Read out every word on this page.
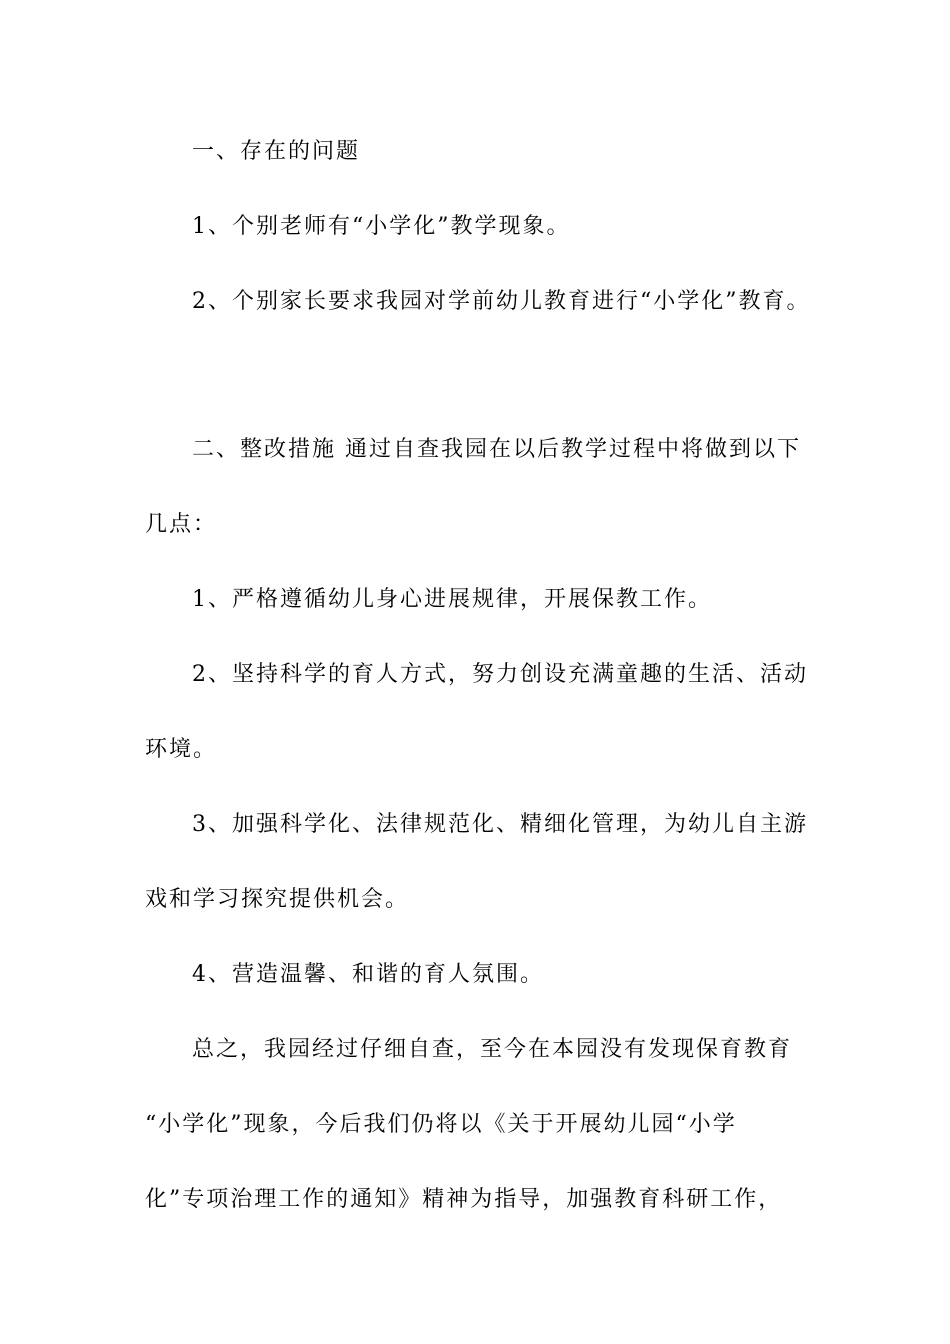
一、存在的问题
1、个别老师有“小学化”教学现象。
2、个别家长要求我园对学前幼儿教育进行“小学化”教育。
二、整改措施 通过自查我园在以后教学过程中将做到以下
几点：
1、严格遵循幼儿身心进展规律，开展保教工作。
2、坚持科学的育人方式，努力创设充满童趣的生活、活动
环境。
3、加强科学化、法律规范化、精细化管理，为幼儿自主游
戏和学习探究提供机会。
4、营造温馨、和谐的育人氛围。
总之，我园经过仔细自查，至今在本园没有发现保育教育
“小学化”现象，今后我们仍将以《关于开展幼儿园“小学
化”专项治理工作的通知》精神为指导，加强教育科研工作，
